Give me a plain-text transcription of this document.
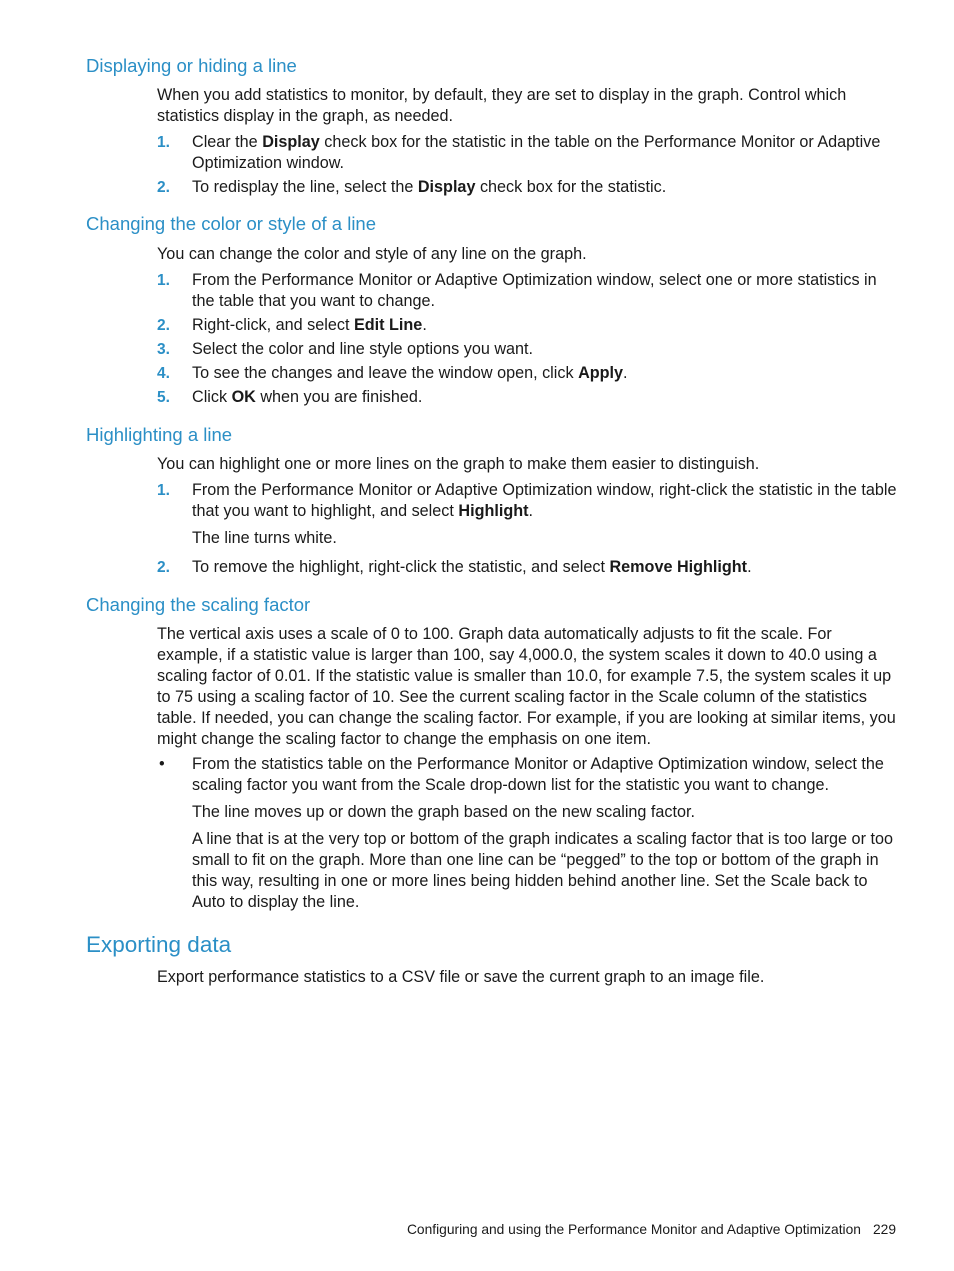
Displaying or hiding a line

When you add statistics to monitor, by default, they are set to display in the graph. Control which statistics display in the graph, as needed.

1. Clear the Display check box for the statistic in the table on the Performance Monitor or Adaptive Optimization window.
2. To redisplay the line, select the Display check box for the statistic.
Changing the color or style of a line

You can change the color and style of any line on the graph.

1. From the Performance Monitor or Adaptive Optimization window, select one or more statistics in the table that you want to change.
2. Right-click, and select Edit Line.
3. Select the color and line style options you want.
4. To see the changes and leave the window open, click Apply.
5. Click OK when you are finished.
Highlighting a line

You can highlight one or more lines on the graph to make them easier to distinguish.

1. From the Performance Monitor or Adaptive Optimization window, right-click the statistic in the table that you want to highlight, and select Highlight.
The line turns white.
2. To remove the highlight, right-click the statistic, and select Remove Highlight.
Changing the scaling factor

The vertical axis uses a scale of 0 to 100. Graph data automatically adjusts to fit the scale. For example, if a statistic value is larger than 100, say 4,000.0, the system scales it down to 40.0 using a scaling factor of 0.01. If the statistic value is smaller than 10.0, for example 7.5, the system scales it up to 75 using a scaling factor of 10. See the current scaling factor in the Scale column of the statistics table. If needed, you can change the scaling factor. For example, if you are looking at similar items, you might change the scaling factor to change the emphasis on one item.

• From the statistics table on the Performance Monitor or Adaptive Optimization window, select the scaling factor you want from the Scale drop-down list for the statistic you want to change.
The line moves up or down the graph based on the new scaling factor.
A line that is at the very top or bottom of the graph indicates a scaling factor that is too large or too small to fit on the graph. More than one line can be “pegged” to the top or bottom of the graph in this way, resulting in one or more lines being hidden behind another line. Set the Scale back to Auto to display the line.
Exporting data

Export performance statistics to a CSV file or save the current graph to an image file.

Configuring and using the Performance Monitor and Adaptive Optimization 229
